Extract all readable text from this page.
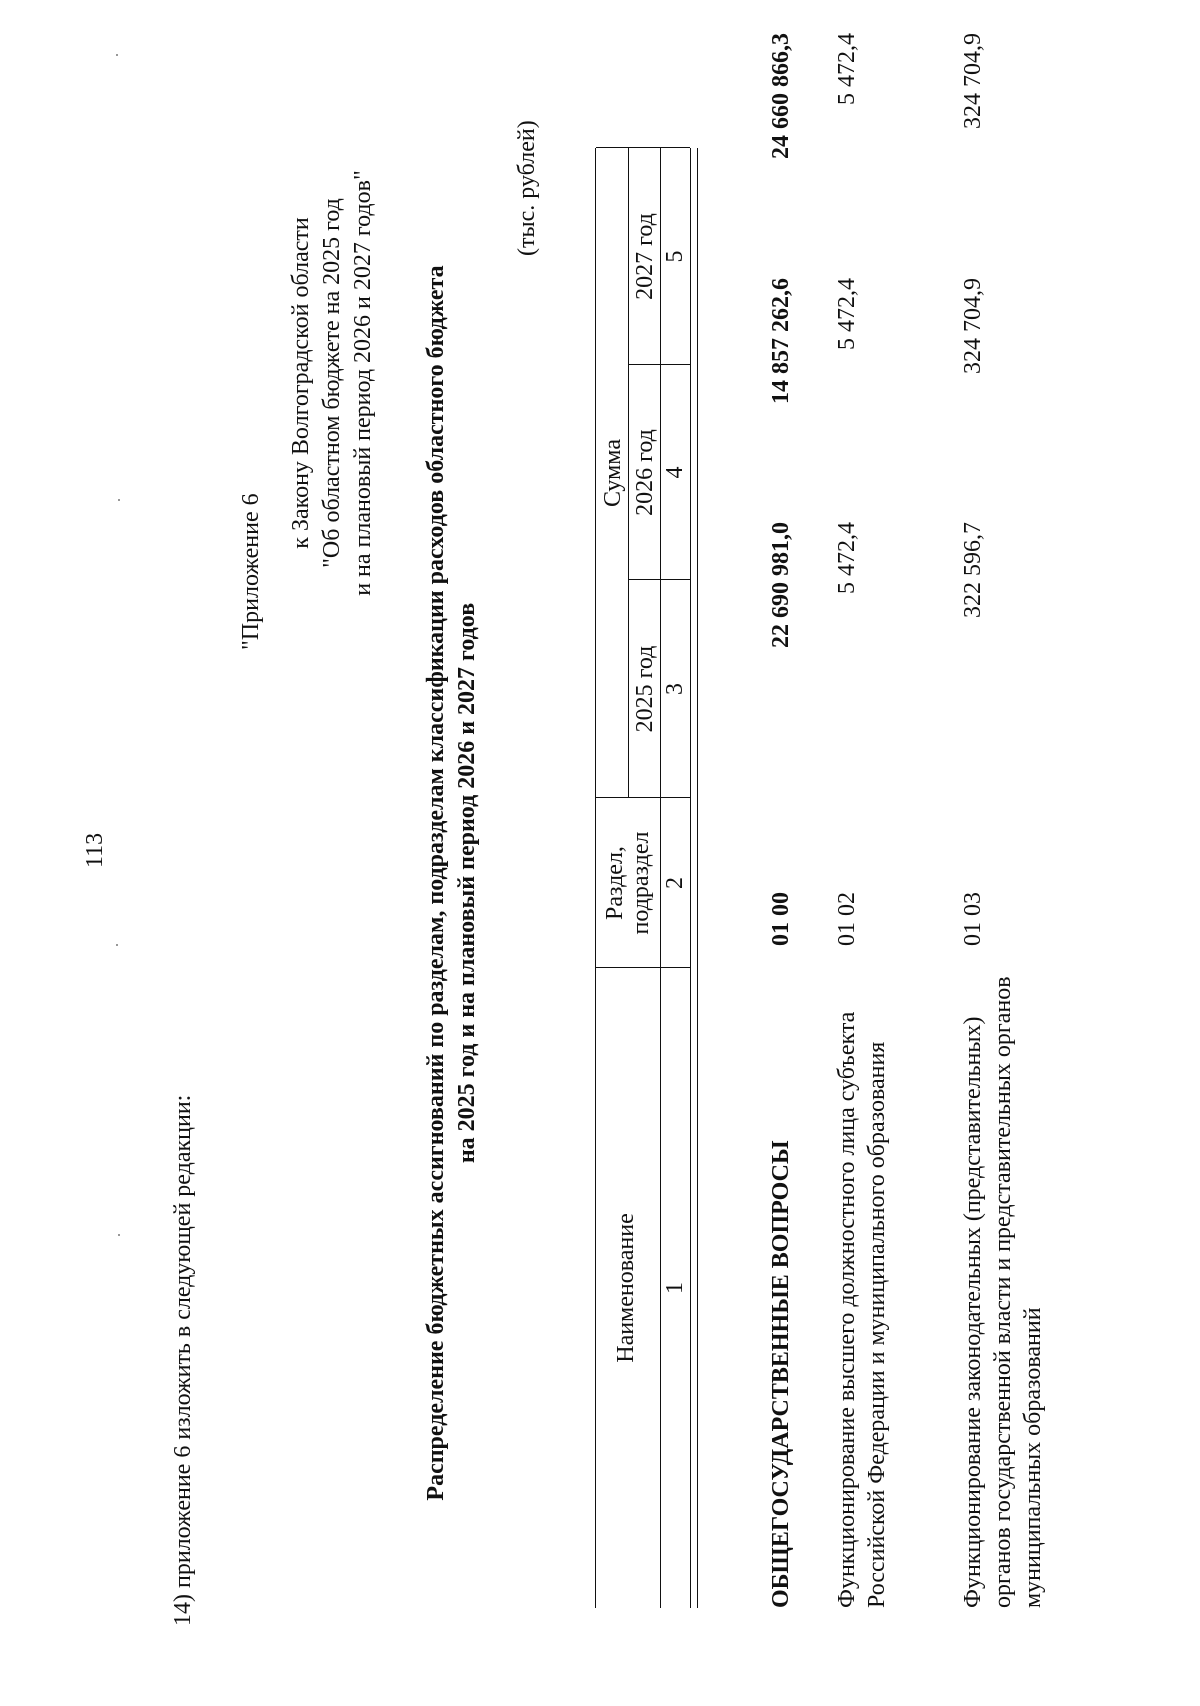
113
14) приложение 6 изложить в следующей редакции:
"Приложение 6
к Закону Волгоградской области "Об областном бюджете на 2025 год и на плановый период 2026 и 2027 годов" Распределение бюджетных ассигнований по разделам, подразделам классификации расходов областного бюджета на 2025 год и на плановый период 2026 и 2027 годов
(тыс. рублей)
Наименование
Раздел, подраздел
Сумма
2025 год
2026 год
2027 год
1
2
3
4
5
ОБЩЕГОСУДАРСТВЕННЫЕ ВОПРОСЫ
01 00
22 690 981,0
14 857 262,6
24 660 866,3
Функционирование высшего должностного лица субъекта Российской Федерации и муниципального образования
01 02
5 472,4
5 472,4
5 472,4
Функционирование законодательных (представительных) органов государственной власти и представительных органов муниципальных образований
01 03
322 596,7
324 704,9
324 704,9
